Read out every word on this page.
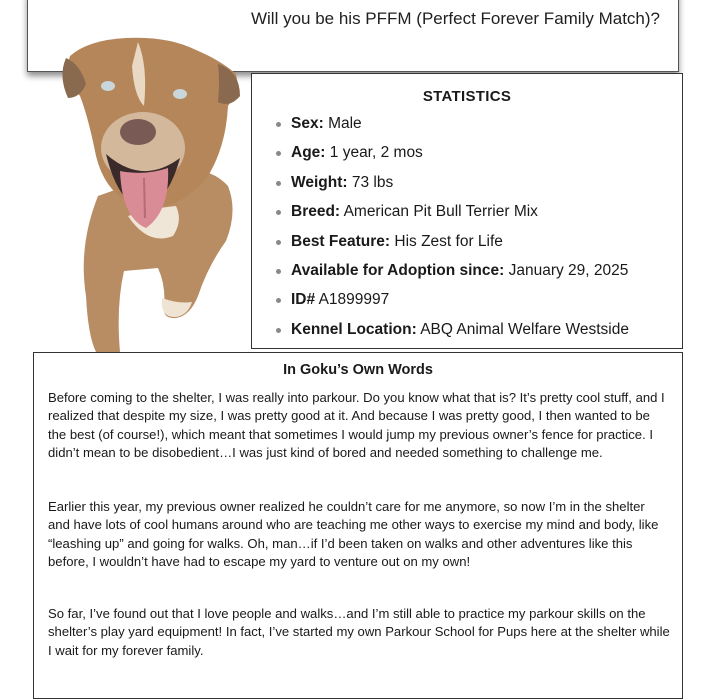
Will you be his PFFM (Perfect Forever Family Match)?
STATISTICS
Sex: Male
Age: 1 year, 2 mos
Weight: 73 lbs
Breed: American Pit Bull Terrier Mix
Best Feature: His Zest for Life
Available for Adoption since: January 29, 2025
ID# A1899997
Kennel Location: ABQ Animal Welfare Westside
In Goku’s Own Words

Before coming to the shelter, I was really into parkour. Do you know what that is? It’s pretty cool stuff, and I realized that despite my size, I was pretty good at it. And because I was pretty good, I then wanted to be the best (of course!), which meant that sometimes I would jump my previous owner’s fence for practice. I didn’t mean to be disobedient…I was just kind of bored and needed something to challenge me.

Earlier this year, my previous owner realized he couldn’t care for me anymore, so now I’m in the shelter and have lots of cool humans around who are teaching me other ways to exercise my mind and body, like “leashing up” and going for walks. Oh, man…if I’d been taken on walks and other adventures like this before, I wouldn’t have had to escape my yard to venture out on my own!

So far, I’ve found out that I love people and walks…and I’m still able to practice my parkour skills on the shelter’s play yard equipment! In fact, I’ve started my own Parkour School for Pups here at the shelter while I wait for my forever family.
